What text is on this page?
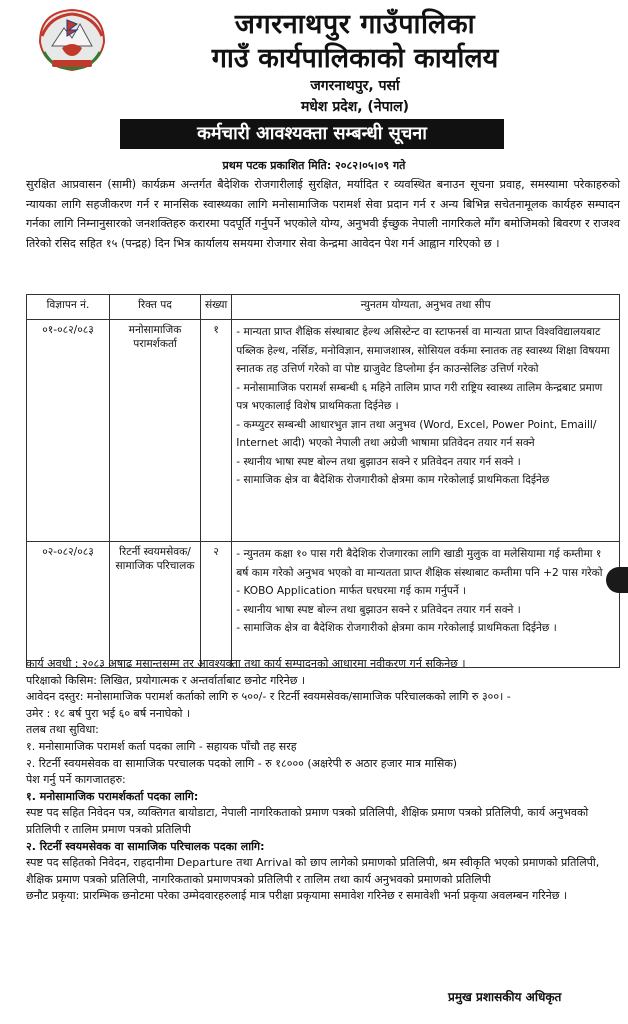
जगरनाथपुर गाउँपालिका
गाउँ कार्यपालिकाको कार्यालय
जगरनाथपुर, पर्सा
मधेश प्रदेश, (नेपाल)
कर्मचारी आवश्यक्ता सम्बन्धी सूचना
प्रथम पटक प्रकाशित मिति: २०८२।०५।०९ गते
सुरक्षित आप्रवासन (सामी) कार्यक्रम अन्तर्गत बैदेशिक रोजगारीलाई सुरक्षित, मर्यादित र व्यवस्थित बनाउन सूचना प्रवाह, समस्यामा परेकाहरुको न्यायका लागि सहजीकरण गर्न र मानसिक स्वास्थ्यका लागि मनोसामाजिक परामर्श सेवा प्रदान गर्न र अन्य बिभिन्न सचेतनामूलक कार्यहरु सम्पादन गर्नका लागि निम्नानुसारको जनशक्तिहरु करारमा पदपूर्ति गर्नुपर्ने भएकोले योग्य, अनुभवी ईच्छुक नेपाली नागरिकले माँग बमोजिमको बिवरण र राजश्व तिरेको रसिद सहित १५ (पन्द्रह) दिन भित्र कार्यालय समयमा रोजगार सेवा केन्द्रमा आवेदन पेश गर्न आह्वान गरिएको छ ।
विज्ञापन नं.	रिक्त पद	संख्या	न्युनतम योग्यता, अनुभव तथा सीप
०१-०८२/०८३	मनोसामाजिक परामर्शकर्ता	१	- मान्यता प्राप्त शैक्षिक संस्थाबाट हेल्थ असिस्टेन्ट वा स्टाफनर्स वा मान्यता प्राप्त विश्वविद्यालयबाट पब्लिक हेल्थ, नर्सिङ, मनोविज्ञान, समाजशास्त्र, सोसियल वर्कमा स्नातक तह स्वास्थ्य शिक्षा विषयमा स्नातक तह उत्तिर्ण गरेको वा पोष्ट ग्राजुवेट डिप्लोमा ईन काउन्सेलिङ उत्तिर्ण गरेको
- मनोसामाजिक परामर्श सम्बन्धी ६ महिने तालिम प्राप्त गरी राष्ट्रिय स्वास्थ्य तालिम केन्द्रबाट प्रमाण पत्र भएकालाई विशेष प्राथमिकता दिईनेछ ।
- कम्प्युटर सम्बन्धी आधारभुत ज्ञान तथा अनुभव (Word, Excel, Power Point, Emaill/ Internet आदी) भएको नेपाली तथा अग्रेजी भाषामा प्रतिवेदन तयार गर्न सक्ने
- स्थानीय भाषा स्पष्ट बोल्न तथा बुझाउन सक्ने र प्रतिवेदन तयार गर्न सक्ने ।
- सामाजिक क्षेत्र वा बैदेशिक रोजगारीको क्षेत्रमा काम गरेकोलाई प्राथमिकता दिईनेछ

०२-०८२/०८३	रिटर्नी स्वयमसेवक/ सामाजिक परिचालक	२	- न्युनतम कक्षा १० पास गरी बैदेशिक रोजगारका लागि खाडी मुलुक वा मलेसियामा गई कम्तीमा १ बर्ष काम गरेको अनुभव भएको वा मान्यतता प्राप्त शैक्षिक संस्थाबाट कम्तीमा पनि +2 पास गरेको
- KOBO Application मार्फत घरघरमा गई काम गर्नुपर्ने ।
- स्थानीय भाषा स्पष्ट बोल्न तथा बुझाउन सक्ने र प्रतिवेदन तयार गर्न सक्ने ।
- सामाजिक क्षेत्र वा बैदेशिक रोजगारीको क्षेत्रमा काम गरेकोलाई प्राथमिकता दिईनेछ ।

कार्य अवधी : २०८३ अषाढ मसान्तसम्म तर आवश्यक्ता तथा कार्य सम्पादनको आधारमा नवीकरण गर्न सकिनेछ ।

परिक्षाको किसिम: लिखित, प्रयोगात्मक र अन्तर्वार्ताबाट छनोट गरिनेछ ।

आवेदन दस्तुर: मनोसामाजिक परामर्श कर्ताको लागि रु ५००/- र रिटर्नी स्वयमसेवक/सामाजिक परिचालकको लागि रु ३००। -

उमेर : १८ बर्ष पुरा भई ६० बर्ष ननाघेको ।

तलब तथा सुविधा:

१. मनोसामाजिक परामर्श कर्ता पदका लागि - सहायक पाँचौ तह सरह

२. रिटर्नी स्वयमसेवक वा सामाजिक परचालक पदको लागि - रु १८००० (अक्षरेपी रु अठार हजार मात्र मासिक)

पेश गर्नु पर्ने कागजातहरु:

१. मनोसामाजिक परामर्शकर्ता पदका लागि:

स्पष्ट पद सहित निवेदन पत्र, व्यक्तिगत बायोडाटा, नेपाली नागरिकताको प्रमाण पत्रको प्रतिलिपी, शैक्षिक प्रमाण पत्रको प्रतिलिपी, कार्य अनुभवको प्रतिलिपी र तालिम प्रमाण पत्रको प्रतिलिपी

२. रिटर्नी स्वयमसेवक वा सामाजिक परिचालक पदका लागि:

स्पष्ट पद सहितको निवेदन, राहदानीमा Departure तथा Arrival को छाप लागेको प्रमाणको प्रतिलिपी, श्रम स्वीकृति भएको प्रमाणको प्रतिलिपी, शैक्षिक प्रमाण पत्रको प्रतिलिपी, नागरिकताको प्रमाणपत्रको प्रतिलिपी र तालिम तथा कार्य अनुभवको प्रमाणको प्रतिलिपी

छनौट प्रकृया: प्रारम्भिक छनोटमा परेका उम्मेदवारहरुलाई मात्र परीक्षा प्रकृयामा समावेश गरिनेछ र समावेशी भर्ना प्रकृया अवलम्बन गरिनेछ ।

प्रमुख प्रशासकीय अधिकृत
